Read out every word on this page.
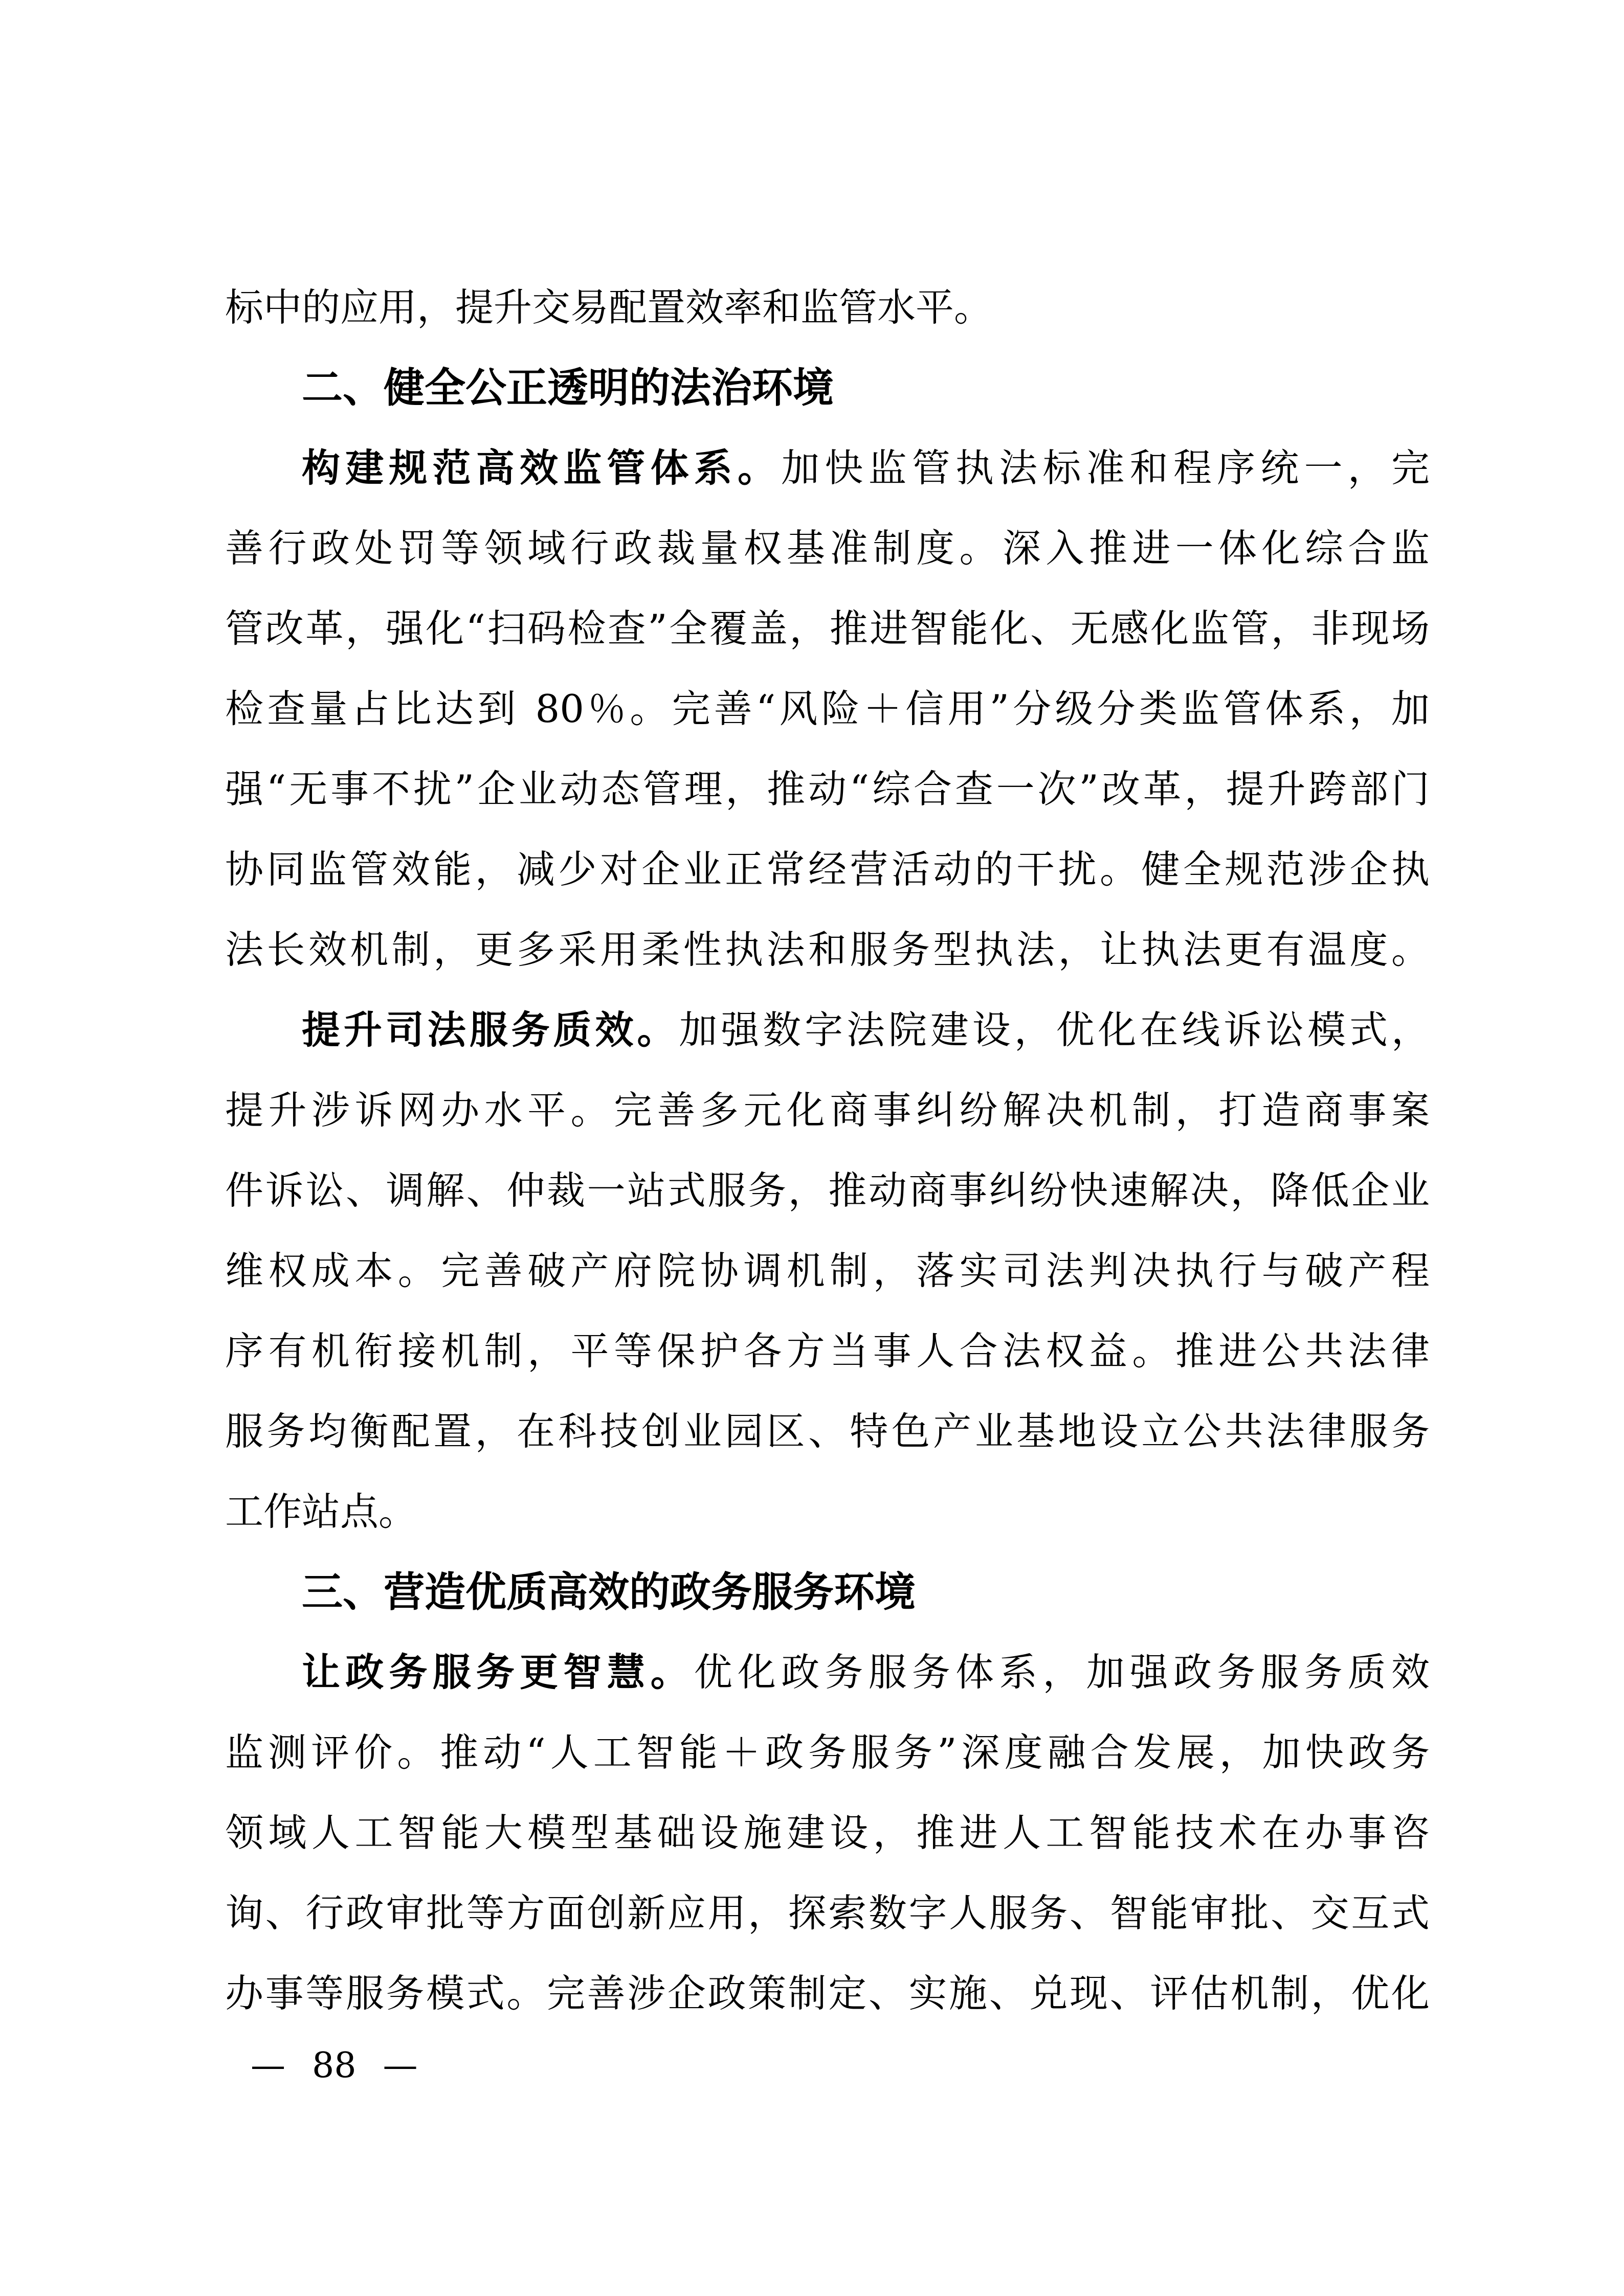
标中的应用，提升交易配置效率和监管水平。
二、健全公正透明的法治环境
构建规范高效监管体系。加快监管执法标准和程序统一，完
善行政处罚等领域行政裁量权基准制度。深入推进一体化综合监
管改革，强化“扫码检查”全覆盖，推进智能化、无感化监管，非现场
检查量占比达到 80％。完善“风险＋信用”分级分类监管体系，加
强“无事不扰”企业动态管理，推动“综合查一次”改革，提升跨部门
协同监管效能，减少对企业正常经营活动的干扰。健全规范涉企执
法长效机制，更多采用柔性执法和服务型执法，让执法更有温度。
提升司法服务质效。加强数字法院建设，优化在线诉讼模式，
提升涉诉网办水平。完善多元化商事纠纷解决机制，打造商事案
件诉讼、调解、仲裁一站式服务，推动商事纠纷快速解决，降低企业
维权成本。完善破产府院协调机制，落实司法判决执行与破产程
序有机衔接机制，平等保护各方当事人合法权益。推进公共法律
服务均衡配置，在科技创业园区、特色产业基地设立公共法律服务
工作站点。
三、营造优质高效的政务服务环境
让政务服务更智慧。优化政务服务体系，加强政务服务质效
监测评价。推动“人工智能＋政务服务”深度融合发展，加快政务
领域人工智能大模型基础设施建设，推进人工智能技术在办事咨
询、行政审批等方面创新应用，探索数字人服务、智能审批、交互式
办事等服务模式。完善涉企政策制定、实施、兑现、评估机制，优化
— 88 —
